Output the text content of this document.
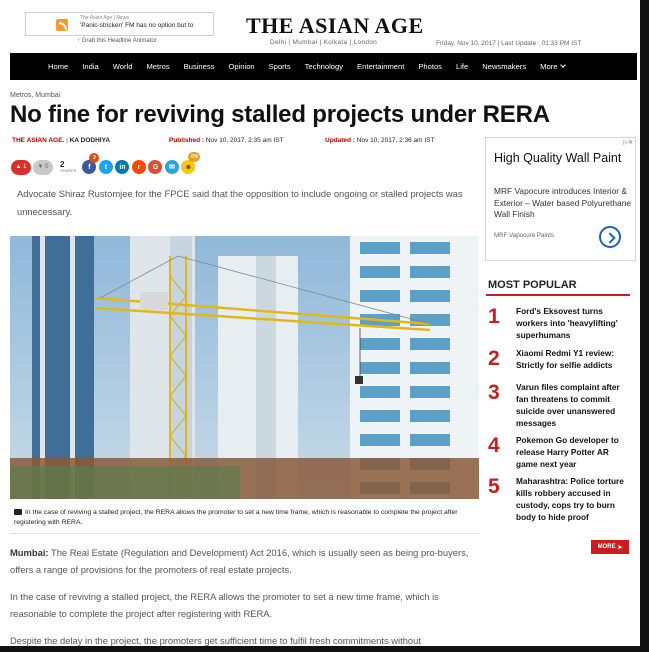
The Asian Age | News
'Panic-stricken' FM has no option but to
↑ Grab this Headline Animator
THE ASIAN AGE
Delhi | Mumbai | Kolkata | London	Friday, Nov 10, 2017 | Last Update : 01:33 PM IST
Home India World Metros Business Opinion Sports Technology Entertainment Photos Life Newsmakers More
Metros, Mumbai
No fine for reviving stalled projects under RERA
THE ASIAN AGE. | KA DODHIYA	Published : Nov 10, 2017, 2:35 am IST	Updated : Nov 10, 2017, 2:36 am IST
▲
1 ▼
0 2
SHARES f
2
t in r G ✉ ☻
0%

Advocate Shiraz Rustomjee for the FPCE said that the opposition to include ongoing or stalled projects was unnecessary.

In the case of reviving a stalled project, the RERA allows the promoter to set a new time frame, which is reasonable to complete the project after registering with RERA.

Mumbai: The Real Estate (Regulation and Development) Act 2016, which is usually seen as being pro-buyers, offers a range of provisions for the promoters of real estate projects.

In the case of reviving a stalled project, the RERA allows the promoter to set a new time frame, which is reasonable to complete the project after registering with RERA.

Despite the delay in the project, the promoters get sufficient time to fulfil fresh commitments without

▷✕
High Quality Wall Paint
MRF Vapocure introduces Interior & Exterior – Water based Polyurethane Wall Finish
MRF Vapocure Paints
MOST POPULAR
1 Ford's Eksovest turns workers into 'heavylifting' superhumans
2 Xiaomi Redmi Y1 review: Strictly for selfie addicts
3 Varun files complaint after fan threatens to commit suicide over unanswered messages
4 Pokemon Go developer to release Harry Potter AR game next year
5 Maharashtra: Police torture kills robbery accused in custody, cops try to burn body to hide proof
MORE
➤
